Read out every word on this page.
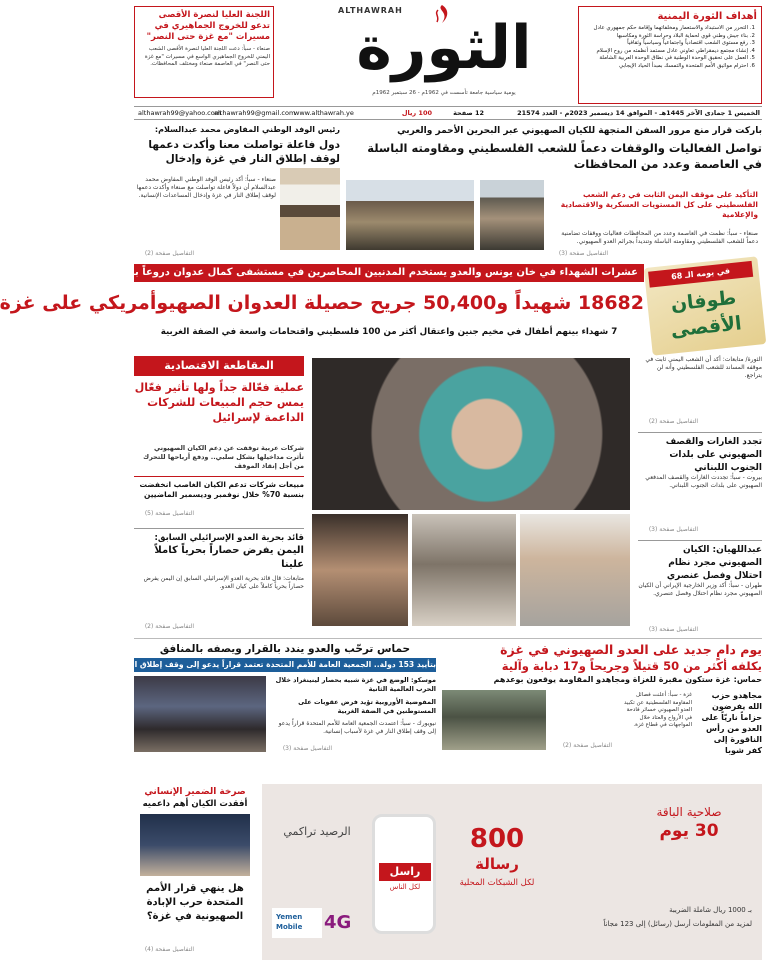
اللجنة العليا لنصرة الأقصى تدعو للخروج الجماهيري في مسيرات "مع غزة حتى النصر"

صنعاء - سبأ: دعت اللجنة العليا لنصرة الأقصى الشعب اليمني للخروج الجماهيري الواسع في مسيرات "مع غزة حتى النصر" في العاصمة صنعاء ومختلف المحافظات.

ALTHAWRAH
الثورة
يومية سياسية جامعة تأسست في 1962م - 26 سبتمبر 1962م

أهداف الثورة اليمنية

1. التحرر من الاستبداد والاستعمار ومخلفاتهما وإقامة حكم جمهوري عادل
2. بناء جيش وطني قوي لحماية البلاد وحراسة الثورة ومكاسبها
3. رفع مستوى الشعب اقتصادياً واجتماعياً وسياسياً وثقافياً
4. إنشاء مجتمع ديمقراطي تعاوني عادل مستمد أنظمته من روح الإسلام
5. العمل على تحقيق الوحدة الوطنية في نطاق الوحدة العربية الشاملة
6. احترام مواثيق الأمم المتحدة والتمسك بمبدأ الحياد الإيجابي
الخميس 1 جمادى الآخر 1445هـ - الموافق 14 ديسمبر 2023م - العدد 21574
12 صفحة
100 ريال
www.althawrah.ye
althawrah99@gmail.com
althawrah99@yahoo.com
باركت قرار منع مرور السفن المتجهة للكيان الصهيوني عبر البحرين الأحمر والعربي

تواصل الفعاليات والوقفات دعماً للشعب الفلسطيني ومقاومته الباسلة في العاصمة وعدد من المحافظات

التأكيد على موقف اليمن الثابت في دعم الشعب الفلسطيني على كل المستويات العسكرية والاقتصادية والإعلامية

صنعاء - سبأ: نظمت في العاصمة وعدد من المحافظات فعاليات ووقفات تضامنية دعماً للشعب الفلسطيني ومقاومته الباسلة وتنديداً بجرائم العدو الصهيوني.

التفاصيل صفحة (3)

رئيس الوفد الوطني المفاوض محمد عبدالسلام:

دول فاعلة تواصلت معنا وأكدت دعمها لوقف إطلاق النار في غزة وإدخال

صنعاء - سبأ: أكد رئيس الوفد الوطني المفاوض محمد عبدالسلام أن دولاً فاعلة تواصلت مع صنعاء وأكدت دعمها لوقف إطلاق النار في غزة وإدخال المساعدات الإنسانية.

التفاصيل صفحة (2)
عشرات الشهداء في خان يونس والعدو يستخدم المدنيين المحاصرين في مستشفى كمال عدوان دروعاً بشرية
18682 شهيداً و50,400 جريح حصيلة العدوان الصهيوأمريكي على غزة
7 شهداء بينهم أطفال في مخيم جنين واعتقال أكثر من 100 فلسطيني واقتحامات واسعة في الضفة الغربية
في يومه الـ 68
طوفان الأقصى
المقاطعة الاقتصادية

عملية فعّالة جداً ولها تأثير فعّال يمس حجم المبيعات للشركات الداعمة لإسرائيل

شركات عربية توقفت عن دعم الكيان الصهيوني تأثرت مداخيلها بشكل سلبي.. ودفع أرباحها للتحرك من أجل إنقاذ الموقف

مبيعات شركات تدعم الكيان الغاصب انخفضت بنسبة 70% خلال نوفمبر وديسمبر الماضيين

التفاصيل صفحة (5)

قائد بحرية العدو الإسرائيلي السابق:

اليمن يفرض حصاراً بحرياً كاملاً علينا

متابعات: قال قائد بحرية العدو الإسرائيلي السابق إن اليمن يفرض حصاراً بحرياً كاملاً على كيان العدو.

التفاصيل صفحة (2)

الثورة/ متابعات: أكد أن الشعب اليمني ثابت في موقفه المساند للشعب الفلسطيني وأنه لن يتراجع.

التفاصيل صفحة (2)

تجدد الغارات والقصف الصهيوني على بلدات الجنوب اللبناني

بيروت - سبأ: تجددت الغارات والقصف المدفعي الصهيوني على بلدات الجنوب اللبناني.

التفاصيل صفحة (3)

عبداللهيان: الكيان الصهيوني مجرد نظام احتلال وفصل عنصري

طهران - سبأ: أكد وزير الخارجية الإيراني أن الكيان الصهيوني مجرد نظام احتلال وفصل عنصري.

التفاصيل صفحة (3)

حماس ترحّب والعدو يندد بالقرار ويصفه بالمنافق

بتأييد 153 دولة.. الجمعية العامة للأمم المتحدة تعتمد قراراً يدعو إلى وقف إطلاق النار في غزة

موسكو: الوضع في غزة شبيه بحصار لينينغراد خلال الحرب العالمية الثانية

المفوضية الأوروبية تؤيد فرض عقوبات على المستوطنين في الضفة الغربية

نيويورك - سبأ: اعتمدت الجمعية العامة للأمم المتحدة قراراً يدعو إلى وقف إطلاق النار في غزة لأسباب إنسانية.

التفاصيل صفحة (3)

يوم دامٍ جديد على العدو الصهيوني في غزة

يكلفه أكثر من 50 قتيلاً وجريحاً و17 دبابة وآلية

حماس: غزة ستكون مقبرة للغزاة ومجاهدو المقاومة يوقعون بوعدهم

مجاهدو حزب الله يفرضون حزاماً ناريّاً على العدو من رأس الناقورة إلى كفر شوبا

غزة - سبأ: أعلنت فصائل المقاومة الفلسطينية عن تكبيد العدو الصهيوني خسائر فادحة في الأرواح والعتاد خلال المواجهات في قطاع غزة.

التفاصيل صفحة (2)

صرخة الضمير الإنساني

أفقدت الكيان أهم داعميه

هل ينهي قرار الأمم المتحدة حرب الإبادة الصهيونية في غزة؟

التفاصيل صفحة (4)
صلاحية الباقة
30 يوم
بـ 1000 ريال شاملة الضريبة
لمزيد من المعلومات أرسل (رسائل) إلى 123 مجاناً
800
رسالة
لكل الشبكات المحلية
راسل
لكل الناس
الرصيد تراكمي
4G
Yemen Mobile
